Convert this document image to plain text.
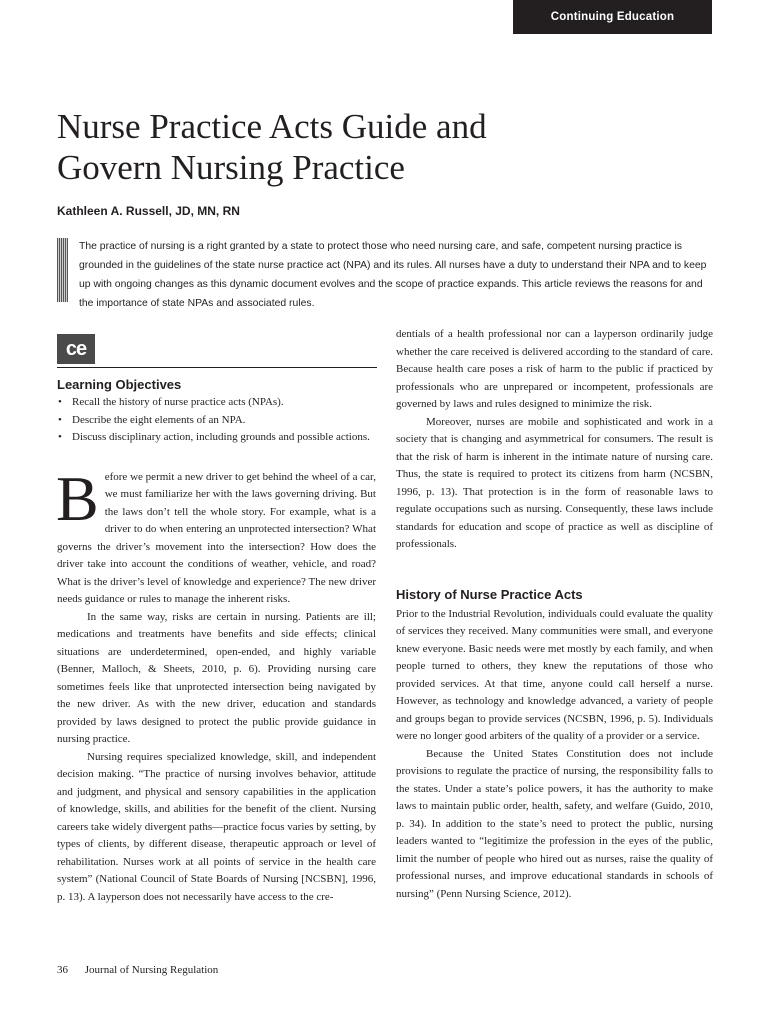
Continuing Education
Nurse Practice Acts Guide and
Govern Nursing Practice
Kathleen A. Russell, JD, MN, RN

The practice of nursing is a right granted by a state to protect those who need nursing care, and safe, competent nursing practice is grounded in the guidelines of the state nurse practice act (NPA) and its rules. All nurses have a duty to understand their NPA and to keep up with ongoing changes as this dynamic document evolves and the scope of practice expands. This article reviews the reasons for and the importance of state NPAs and associated rules.

ce
Learning Objectives
• Recall the history of nurse practice acts (NPAs).
• Describe the eight elements of an NPA.
• Discuss disciplinary action, including grounds and possible actions.

Before we permit a new driver to get behind the wheel of a car, we must familiarize her with the laws governing driving. But the laws don’t tell the whole story. For example, what is a driver to do when entering an unprotected intersection? What governs the driver’s movement into the intersection? How does the driver take into account the conditions of weather, vehicle, and road? What is the driver’s level of knowledge and experience? The new driver needs guidance or rules to manage the inherent risks.

In the same way, risks are certain in nursing. Patients are ill; medications and treatments have benefits and side effects; clinical situations are underdetermined, open-ended, and highly variable (Benner, Malloch, & Sheets, 2010, p. 6). Providing nursing care sometimes feels like that unprotected intersection being navigated by the new driver. As with the new driver, education and standards provided by laws designed to protect the public provide guidance in nursing practice.

Nursing requires specialized knowledge, skill, and independent decision making. “The practice of nursing involves behavior, attitude and judgment, and physical and sensory capabilities in the application of knowledge, skills, and abilities for the benefit of the client. Nursing careers take widely divergent paths—practice focus varies by setting, by types of clients, by different disease, therapeutic approach or level of rehabilitation. Nurses work at all points of service in the health care system” (National Council of State Boards of Nursing [NCSBN], 1996, p. 13). A layperson does not necessarily have access to the cre-

dentials of a health professional nor can a layperson ordinarily judge whether the care received is delivered according to the standard of care. Because health care poses a risk of harm to the public if practiced by professionals who are unprepared or incompetent, professionals are governed by laws and rules designed to minimize the risk.

Moreover, nurses are mobile and sophisticated and work in a society that is changing and asymmetrical for consumers. The result is that the risk of harm is inherent in the intimate nature of nursing care. Thus, the state is required to protect its citizens from harm (NCSBN, 1996, p. 13). That protection is in the form of reasonable laws to regulate occupations such as nursing. Consequently, these laws include standards for education and scope of practice as well as discipline of professionals.

History of Nurse Practice Acts

Prior to the Industrial Revolution, individuals could evaluate the quality of services they received. Many communities were small, and everyone knew everyone. Basic needs were met mostly by each family, and when people turned to others, they knew the reputations of those who provided services. At that time, anyone could call herself a nurse. However, as technology and knowledge advanced, a variety of people and groups began to provide services (NCSBN, 1996, p. 5). Individuals were no longer good arbiters of the quality of a provider or a service.

Because the United States Constitution does not include provisions to regulate the practice of nursing, the responsibility falls to the states. Under a state’s police powers, it has the authority to make laws to maintain public order, health, safety, and welfare (Guido, 2010, p. 34). In addition to the state’s need to protect the public, nursing leaders wanted to “legitimize the profession in the eyes of the public, limit the number of people who hired out as nurses, raise the quality of professional nurses, and improve educational standards in schools of nursing” (Penn Nursing Science, 2012).

36 Journal of Nursing Regulation
